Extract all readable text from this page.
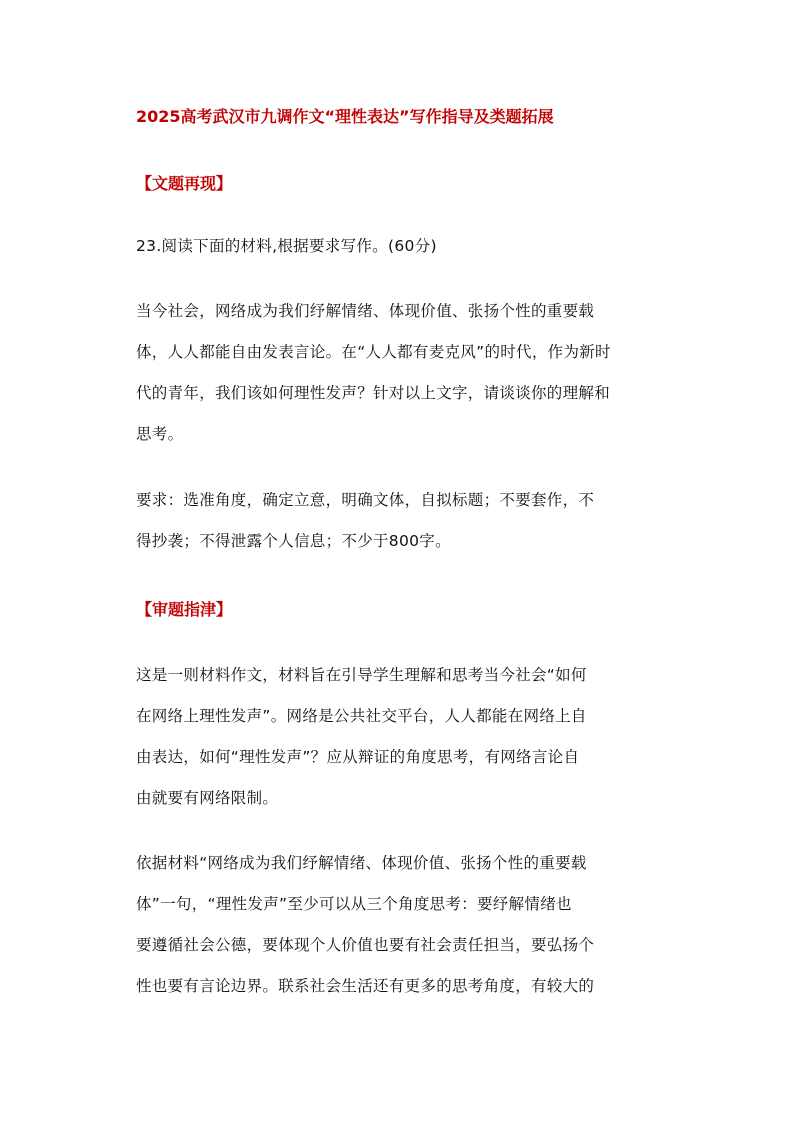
2025高考武汉市九调作文“理性表达”写作指导及类题拓展
【文题再现】
23.阅读下面的材料,根据要求写作。(60分)
当今社会，网络成为我们纾解情绪、体现价值、张扬个性的重要载
体，人人都能自由发表言论。在“人人都有麦克风”的时代，作为新时
代的青年，我们该如何理性发声？针对以上文字，请谈谈你的理解和
思考。
要求：选准角度，确定立意，明确文体，自拟标题；不要套作，不
得抄袭；不得泄露个人信息；不少于800字。
【审题指津】
这是一则材料作文，材料旨在引导学生理解和思考当今社会“如何
在网络上理性发声”。网络是公共社交平台，人人都能在网络上自
由表达，如何“理性发声”？应从辩证的角度思考，有网络言论自
由就要有网络限制。
依据材料“网络成为我们纾解情绪、体现价值、张扬个性的重要载
体”一句，“理性发声”至少可以从三个角度思考：要纾解情绪也
要遵循社会公德，要体现个人价值也要有社会责任担当，要弘扬个
性也要有言论边界。联系社会生活还有更多的思考角度，有较大的
